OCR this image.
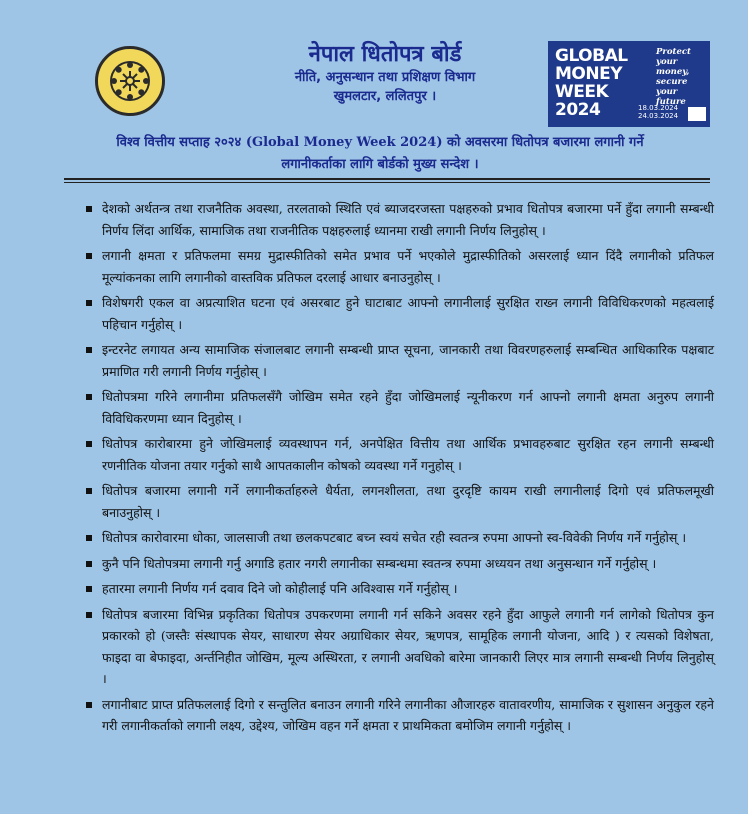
नेपाल धितोपत्र बोर्ड
नीति, अनुसन्धान तथा प्रशिक्षण विभाग
खुमलटार, ललितपुर ।
GLOBAL
MONEY
WEEK
2024
Protect
your
money,
secure
your
future
18.03.2024
24.03.2024
विश्व वित्तीय सप्ताह २०२४ (Global Money Week 2024) को अवसरमा धितोपत्र बजारमा लगानी गर्ने
लगानीकर्ताका लागि बोर्डको मुख्य सन्देश ।
देशको अर्थतन्त्र तथा राजनैतिक अवस्था, तरलताको स्थिति एवं ब्याजदरजस्ता पक्षहरुको प्रभाव धितोपत्र बजारमा पर्ने हुँदा लगानी सम्बन्धी निर्णय लिंदा आर्थिक, सामाजिक तथा राजनीतिक पक्षहरुलाई ध्यानमा राखी लगानी निर्णय लिनुहोस् ।
लगानी क्षमता र प्रतिफलमा समग्र मुद्रास्फीतिको समेत प्रभाव पर्ने भएकोले मुद्रास्फीतिको असरलाई ध्यान दिंदै लगानीको प्रतिफल मूल्यांकनका लागि लगानीको वास्तविक प्रतिफल दरलाई आधार बनाउनुहोस् ।
विशेषगरी एकल वा अप्रत्याशित घटना एवं असरबाट हुने घाटाबाट आफ्नो लगानीलाई सुरक्षित राख्न लगानी विविधिकरणको महत्वलाई पहिचान गर्नुहोस् ।
इन्टरनेट लगायत अन्य सामाजिक संजालबाट लगानी सम्बन्धी प्राप्त सूचना, जानकारी तथा विवरणहरुलाई सम्बन्धित आधिकारिक पक्षबाट प्रमाणित गरी लगानी निर्णय गर्नुहोस् ।
धितोपत्रमा गरिने लगानीमा प्रतिफलसँगै जोखिम समेत रहने हुँदा जोखिमलाई न्यूनीकरण गर्न आफ्नो लगानी क्षमता अनुरुप लगानी विविधिकरणमा ध्यान दिनुहोस् ।
धितोपत्र कारोबारमा हुने जोखिमलाई व्यवस्थापन गर्न, अनपेक्षित वित्तीय तथा आर्थिक प्रभावहरुबाट सुरक्षित रहन लगानी सम्बन्धी रणनीतिक योजना तयार गर्नुको साथै आपतकालीन कोषको व्यवस्था गर्ने गनुहोस् ।
धितोपत्र बजारमा लगानी गर्ने लगानीकर्ताहरुले धैर्यता, लगनशीलता, तथा दुरदृष्टि कायम राखी लगानीलाई दिगो एवं प्रतिफलमूखी बनाउनुहोस् ।
धितोपत्र कारोवारमा धोका, जालसाजी तथा छलकपटबाट बच्न स्वयं सचेत रही स्वतन्त्र रुपमा आफ्नो स्व-विवेकी निर्णय गर्ने गर्नुहोस् ।
कुनै पनि धितोपत्रमा लगानी गर्नु अगाडि हतार नगरी लगानीका सम्बन्धमा स्वतन्त्र रुपमा अध्ययन तथा अनुसन्धान गर्ने गर्नुहोस् ।
हतारमा लगानी निर्णय गर्न दवाव दिने जो कोहीलाई पनि अविश्वास गर्ने गर्नुहोस् ।
धितोपत्र बजारमा विभिन्न प्रकृतिका धितोपत्र उपकरणमा लगानी गर्न सकिने अवसर रहने हुँदा आफुले लगानी गर्न लागेको धितोपत्र कुन प्रकारको हो (जस्तैः संस्थापक सेयर, साधारण सेयर अग्राधिकार सेयर, ऋणपत्र, सामूहिक लगानी योजना, आदि ) र त्यसको विशेषता, फाइदा वा बेफाइदा, अर्न्तनिहीत जोखिम, मूल्य अस्थिरता, र लगानी अवधिको बारेमा जानकारी लिएर मात्र लगानी सम्बन्धी निर्णय लिनुहोस् ।
लगानीबाट प्राप्त प्रतिफललाई दिगो र सन्तुलित बनाउन लगानी गरिने लगानीका औजारहरु वातावरणीय, सामाजिक र सुशासन अनुकुल रहने गरी लगानीकर्ताको लगानी लक्ष्य, उद्देश्य, जोखिम वहन गर्ने क्षमता र प्राथमिकता बमोजिम लगानी गर्नुहोस् ।
